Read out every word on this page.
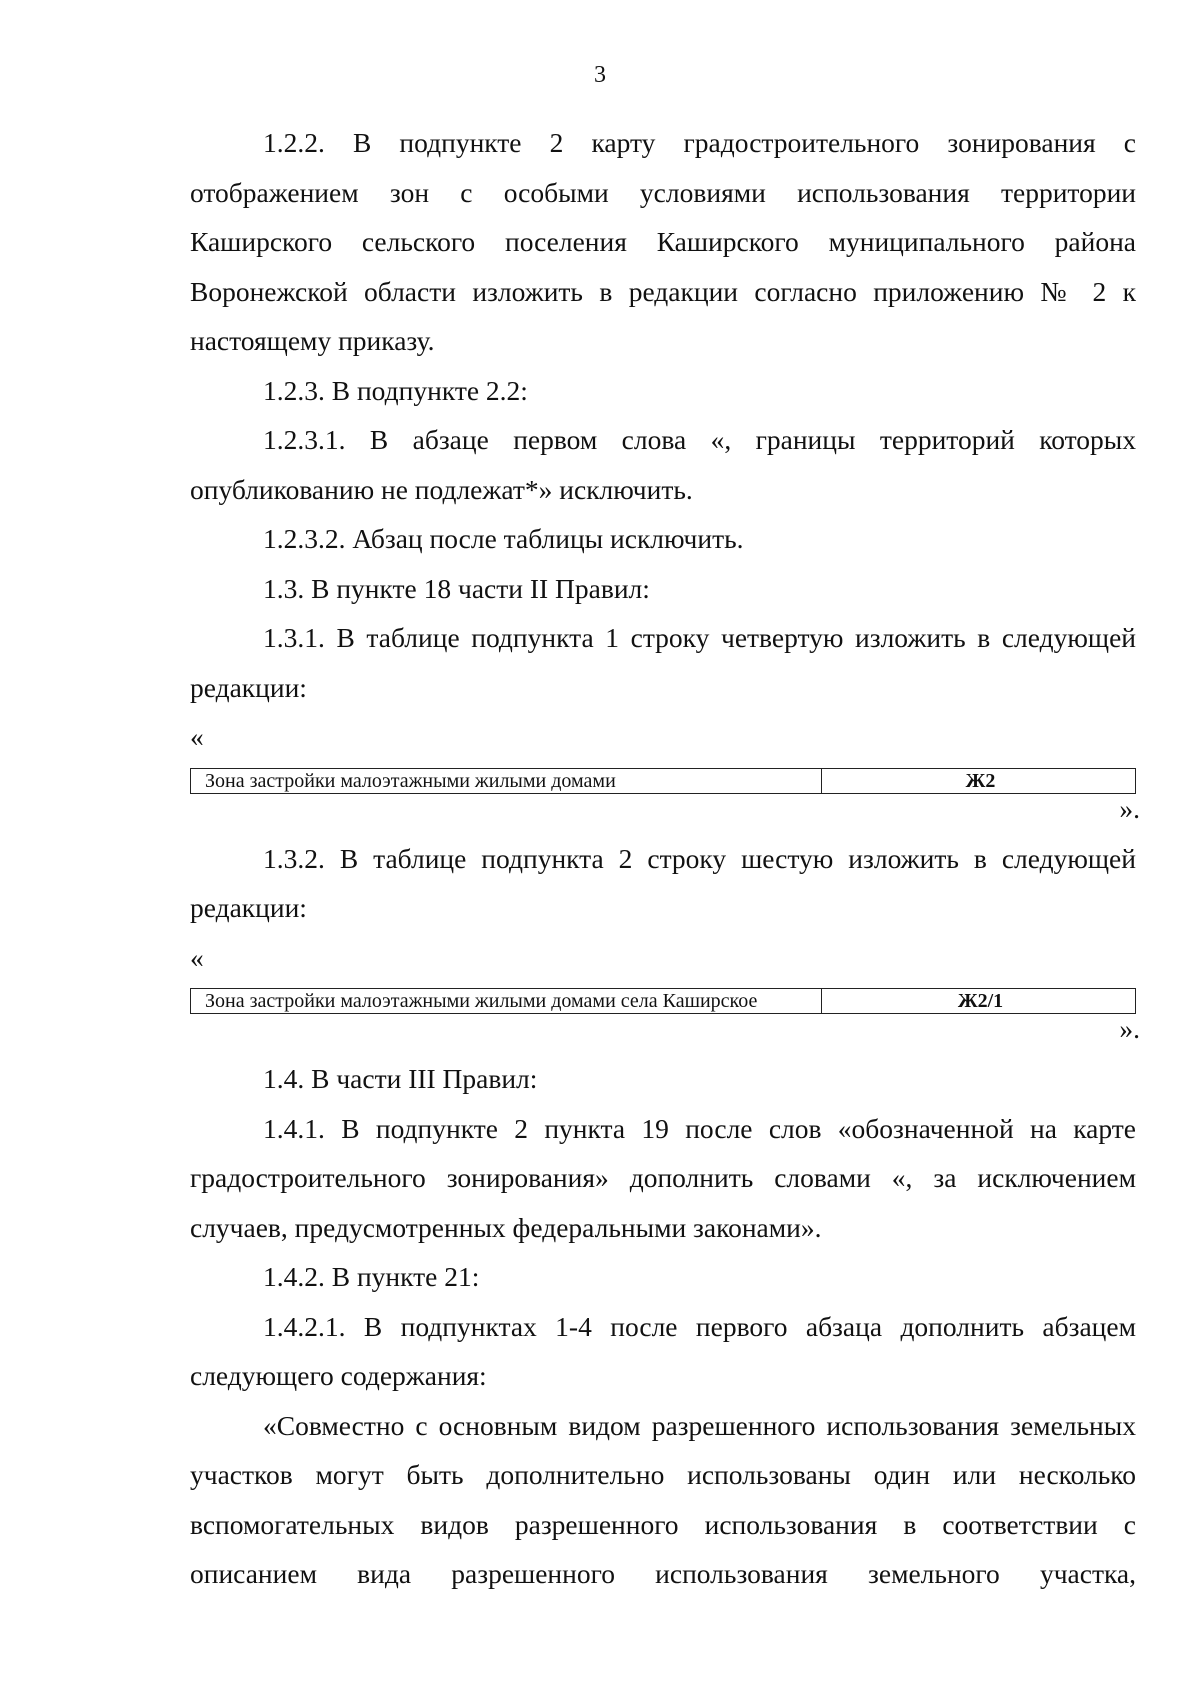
3

1.2.2. В подпункте 2 карту градостроительного зонирования с отображением зон с особыми условиями использования территории Каширского сельского поселения Каширского муниципального района Воронежской области изложить в редакции согласно приложению № 2 к настоящему приказу.

1.2.3. В подпункте 2.2:

1.2.3.1. В абзаце первом слова «, границы территорий которых опубликованию не подлежат*» исключить.

1.2.3.2. Абзац после таблицы исключить.

1.3. В пункте 18 части II Правил:

1.3.1. В таблице подпункта 1 строку четвертую изложить в следующей редакции:

«

Зона застройки малоэтажными жилыми домами	Ж2

».

1.3.2. В таблице подпункта 2 строку шестую изложить в следующей редакции:

«

Зона застройки малоэтажными жилыми домами села Каширское	Ж2/1

».

1.4. В части III Правил:

1.4.1. В подпункте 2 пункта 19 после слов «обозначенной на карте градостроительного зонирования» дополнить словами «, за исключением случаев, предусмотренных федеральными законами».

1.4.2. В пункте 21:

1.4.2.1. В подпунктах 1-4 после первого абзаца дополнить абзацем следующего содержания:

«Совместно с основным видом разрешенного использования земельных участков могут быть дополнительно использованы один или несколько вспомогательных видов разрешенного использования в соответствии с описанием вида разрешенного использования земельного участка,
